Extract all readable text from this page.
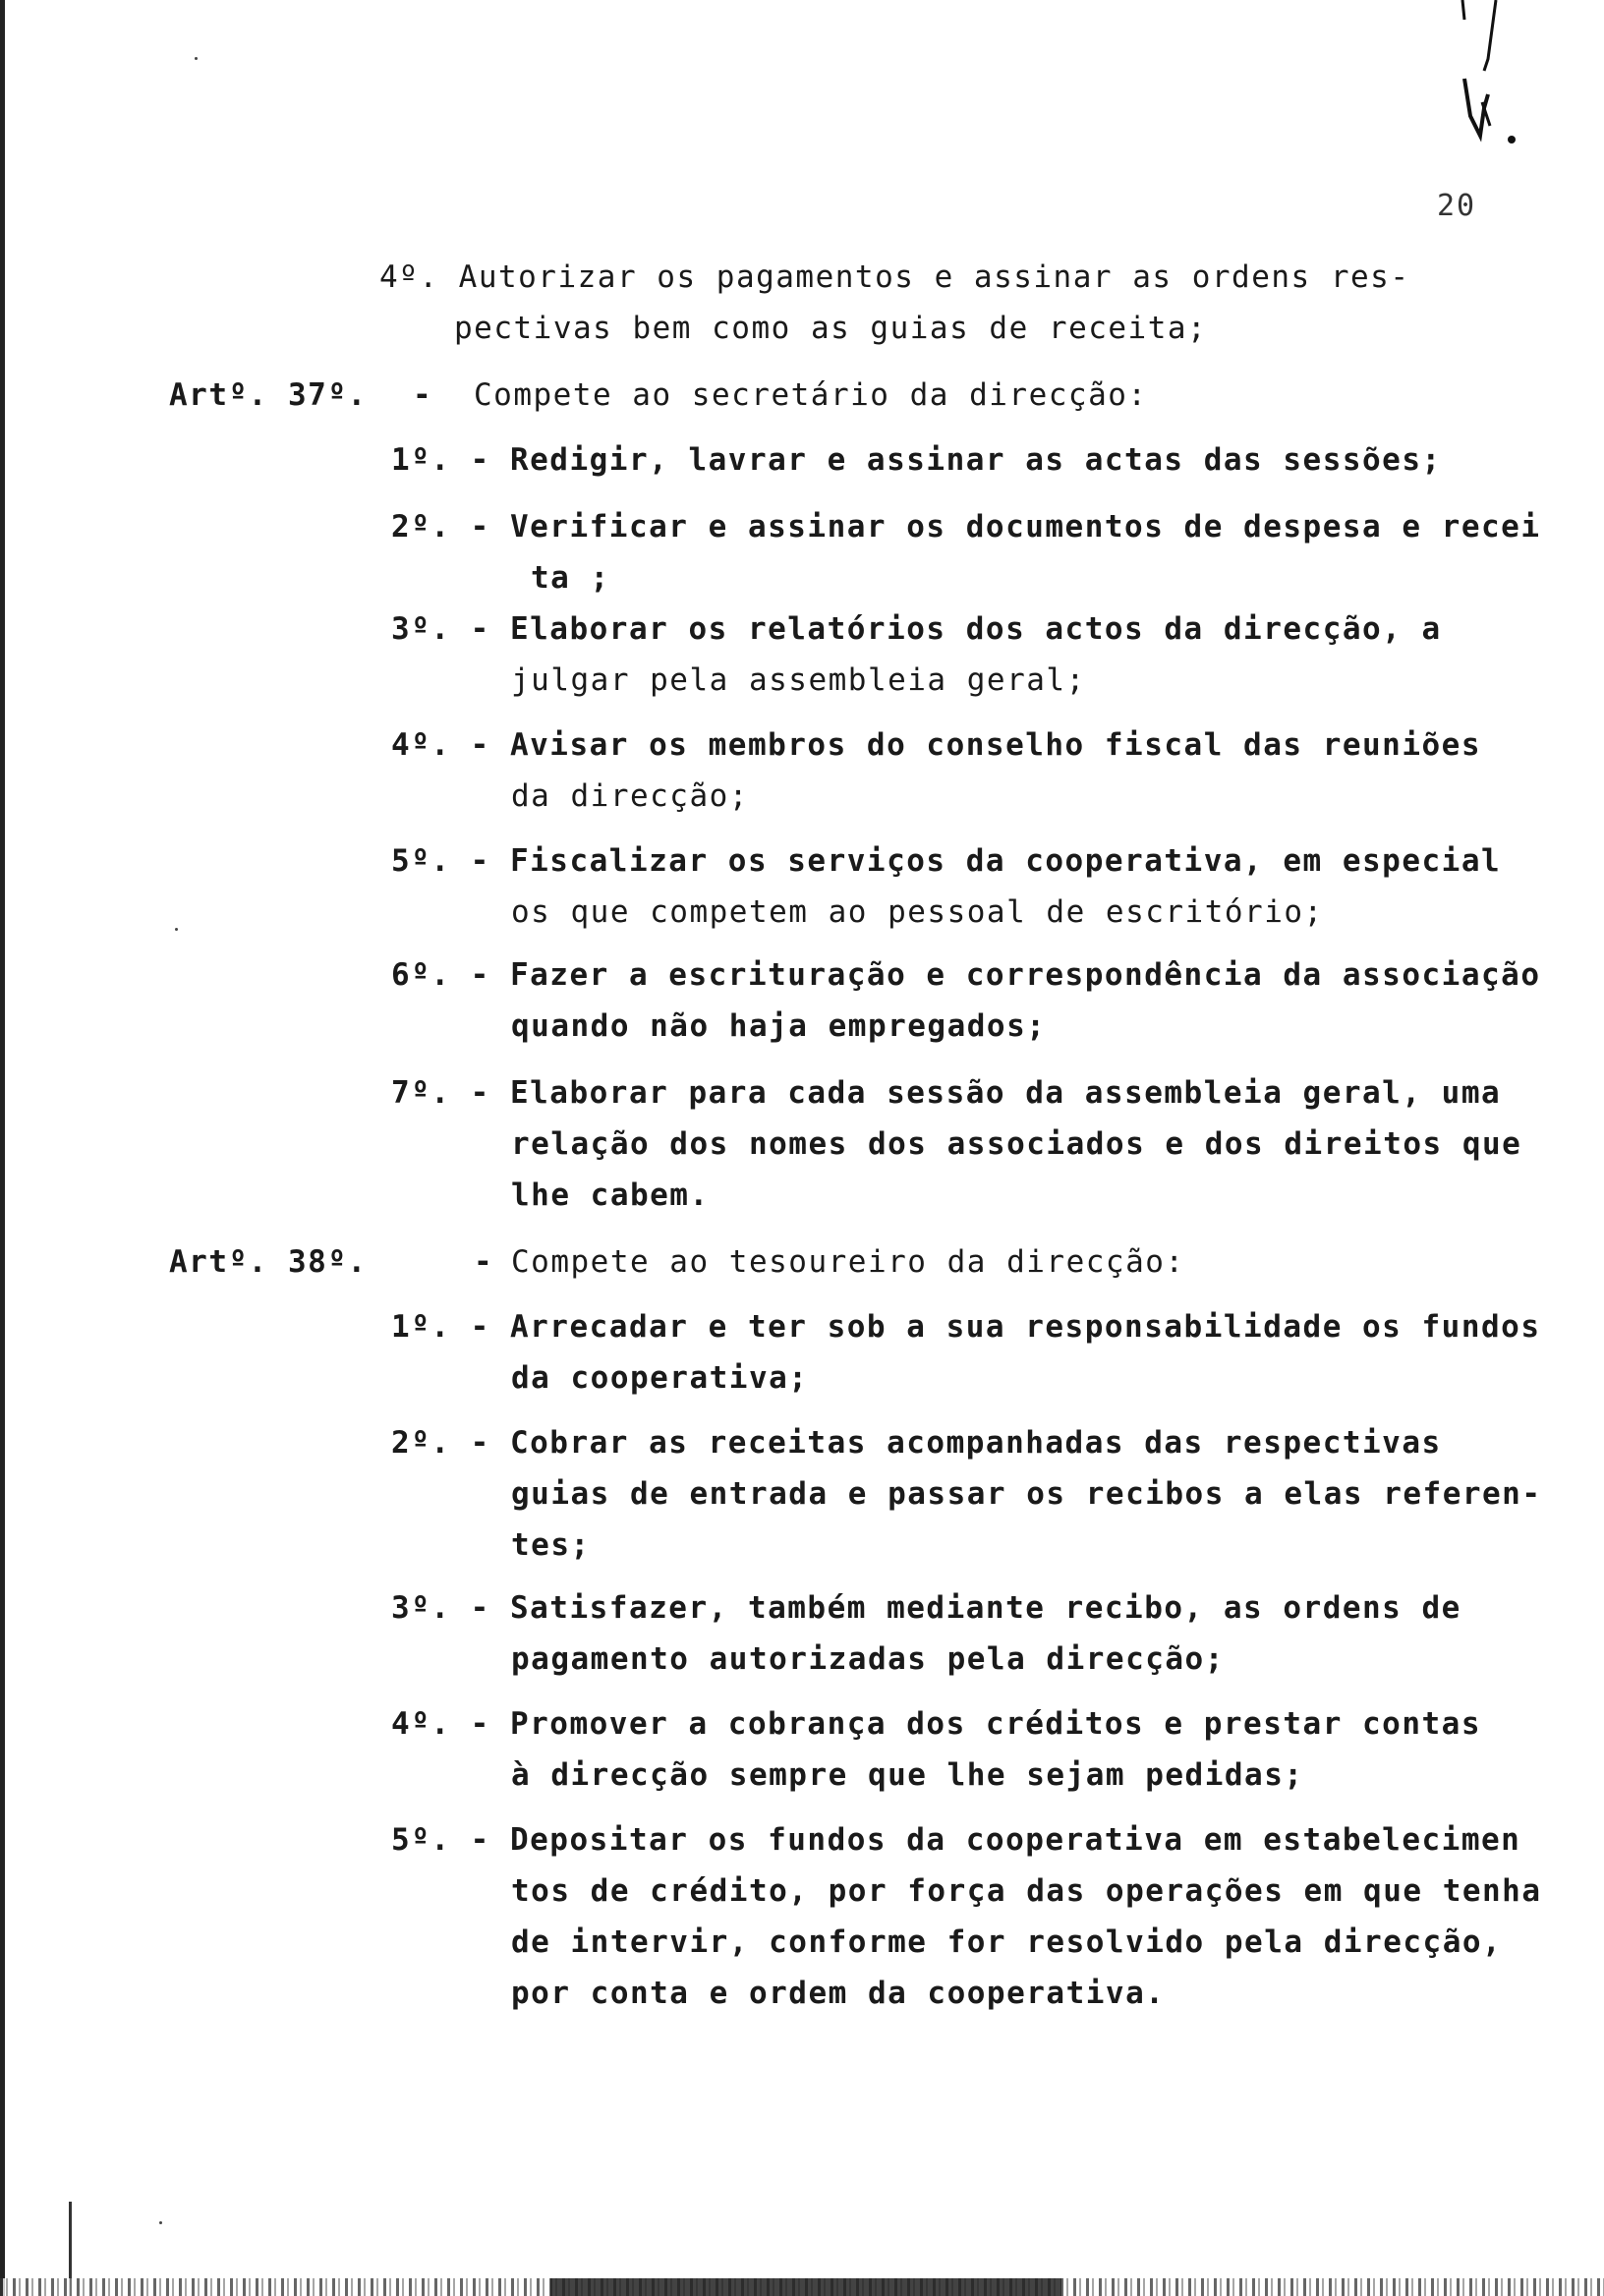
20
4º. Autorizar os pagamentos e assinar as ordens res-
pectivas bem como as guias de receita;
Artº. 37º. - Compete ao secretário da direcção:
1º. - Redigir, lavrar e assinar as actas das sessões;
2º. - Verificar e assinar os documentos de despesa e recei
ta ;
3º. - Elaborar os relatórios dos actos da direcção, a
julgar pela assembleia geral;
4º. - Avisar os membros do conselho fiscal das reuniões
da direcção;
5º. - Fiscalizar os serviços da cooperativa, em especial
os que competem ao pessoal de escritório;
6º. - Fazer a escrituração e correspondência da associação
quando não haja empregados;
7º. - Elaborar para cada sessão da assembleia geral, uma
relação dos nomes dos associados e dos direitos que
lhe cabem.
Artº. 38º.	- Compete ao tesoureiro da direcção:
1º. - Arrecadar e ter sob a sua responsabilidade os fundos
da cooperativa;
2º. - Cobrar as receitas acompanhadas das respectivas
guias de entrada e passar os recibos a elas referen-
tes;
3º. - Satisfazer, também mediante recibo, as ordens de
pagamento autorizadas pela direcção;
4º. - Promover a cobrança dos créditos e prestar contas
à direcção sempre que lhe sejam pedidas;
5º. - Depositar os fundos da cooperativa em estabelecimen
tos de crédito, por força das operações em que tenha
de intervir, conforme for resolvido pela direcção,
por conta e ordem da cooperativa.
